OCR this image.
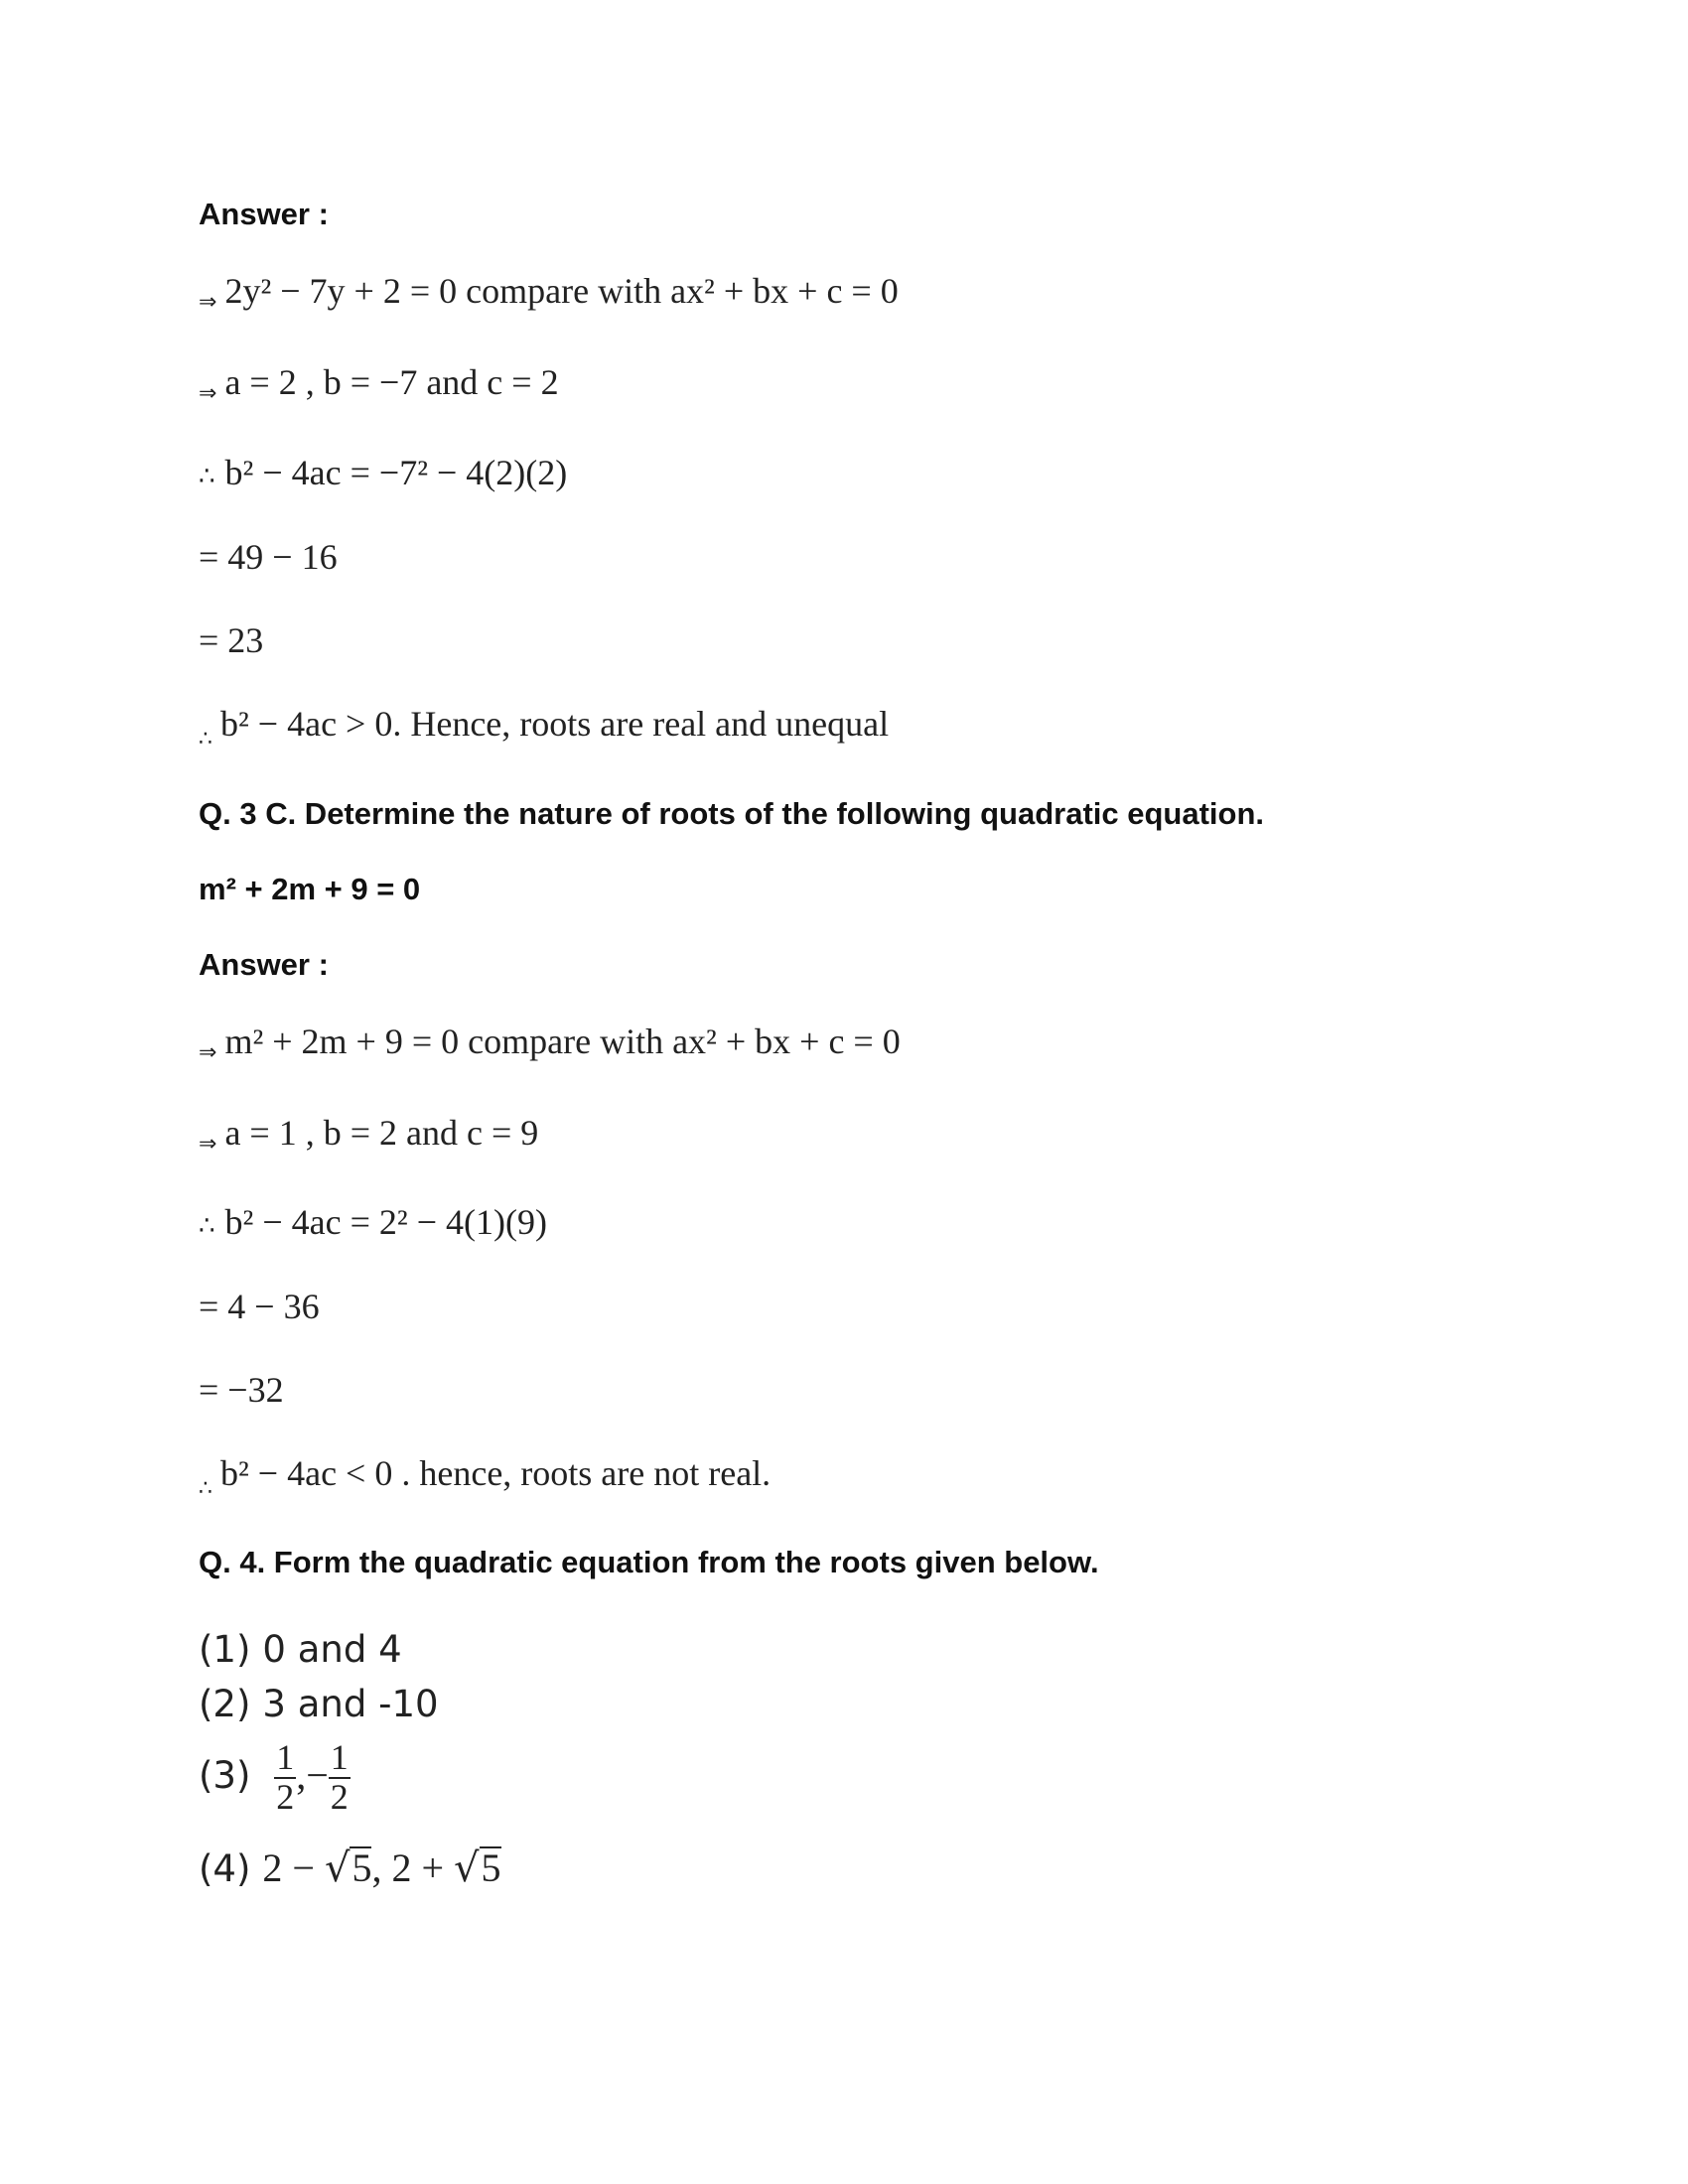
Answer :
⇒ 2y² − 7y + 2 = 0 compare with ax² + bx + c = 0
⇒ a = 2 , b = −7 and c = 2
∴ b² − 4ac = −7² − 4(2)(2)
= 49 − 16
= 23
$_\therefore$ b² − 4ac > 0. Hence, roots are real and unequal
Q. 3 C. Determine the nature of roots of the following quadratic equation.
m² + 2m + 9 = 0
Answer :
⇒ m² + 2m + 9 = 0 compare with ax² + bx + c = 0
⇒ a = 1 , b = 2 and c = 9
∴ b² − 4ac = 2² − 4(1)(9)
= 4 − 36
= −32
$_\therefore$ b² − 4ac < 0 . hence, roots are not real.
Q. 4. Form the quadratic equation from the roots given below.
(1) 0 and 4
(2) 3 and -10
$(3) \frac{1}{2}$ ,− $\frac{1}{2}$
(4) 2 − √5, 2 + √5
